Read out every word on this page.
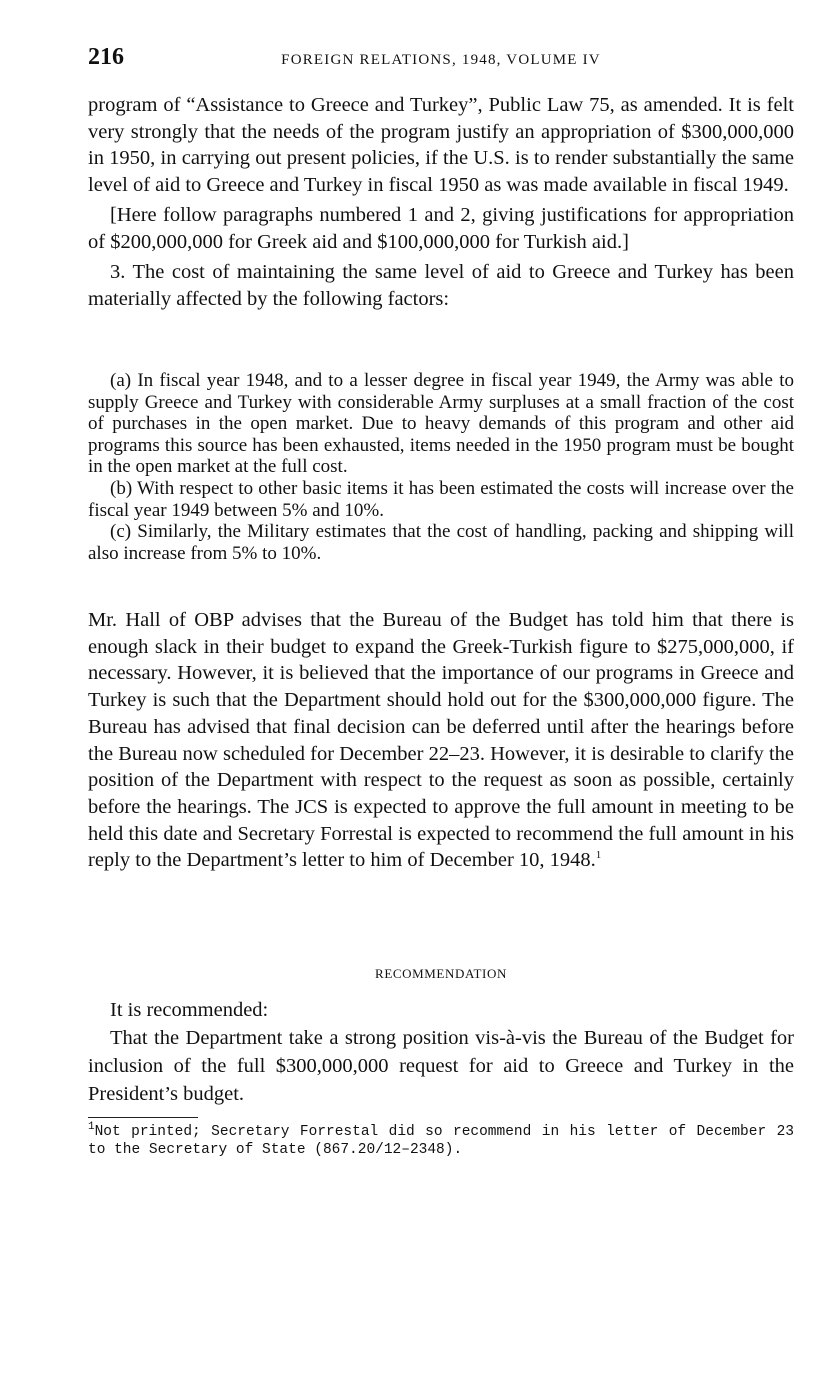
216	FOREIGN RELATIONS, 1948, VOLUME IV

program of “Assistance to Greece and Turkey”, Public Law 75, as amended. It is felt very strongly that the needs of the program justify an appropriation of $300,000,000 in 1950, in carrying out present policies, if the U.S. is to render substantially the same level of aid to Greece and Turkey in fiscal 1950 as was made available in fiscal 1949.

[Here follow paragraphs numbered 1 and 2, giving justifications for appropriation of $200,000,000 for Greek aid and $100,000,000 for Turkish aid.]

3. The cost of maintaining the same level of aid to Greece and Turkey has been materially affected by the following factors:

(a) In fiscal year 1948, and to a lesser degree in fiscal year 1949, the Army was able to supply Greece and Turkey with considerable Army surpluses at a small fraction of the cost of purchases in the open market. Due to heavy demands of this program and other aid programs this source has been exhausted, items needed in the 1950 program must be bought in the open market at the full cost.

(b) With respect to other basic items it has been estimated the costs will increase over the fiscal year 1949 between 5% and 10%.

(c) Similarly, the Military estimates that the cost of handling, packing and shipping will also increase from 5% to 10%.

Mr. Hall of OBP advises that the Bureau of the Budget has told him that there is enough slack in their budget to expand the Greek-Turkish figure to $275,000,000, if necessary. However, it is believed that the importance of our programs in Greece and Turkey is such that the Department should hold out for the $300,000,000 figure. The Bureau has advised that final decision can be deferred until after the hearings before the Bureau now scheduled for December 22–23. However, it is desirable to clarify the position of the Department with respect to the request as soon as possible, certainly before the hearings. The JCS is expected to approve the full amount in meeting to be held this date and Secretary Forrestal is expected to recommend the full amount in his reply to the Department’s letter to him of December 10, 1948.$^1$

RECOMMENDATION

It is recommended:

That the Department take a strong position vis-à-vis the Bureau of the Budget for inclusion of the full $300,000,000 request for aid to Greece and Turkey in the President’s budget.

$^1$Not printed; Secretary Forrestal did so recommend in his letter of December 23 to the Secretary of State (867.20/12–2348).
